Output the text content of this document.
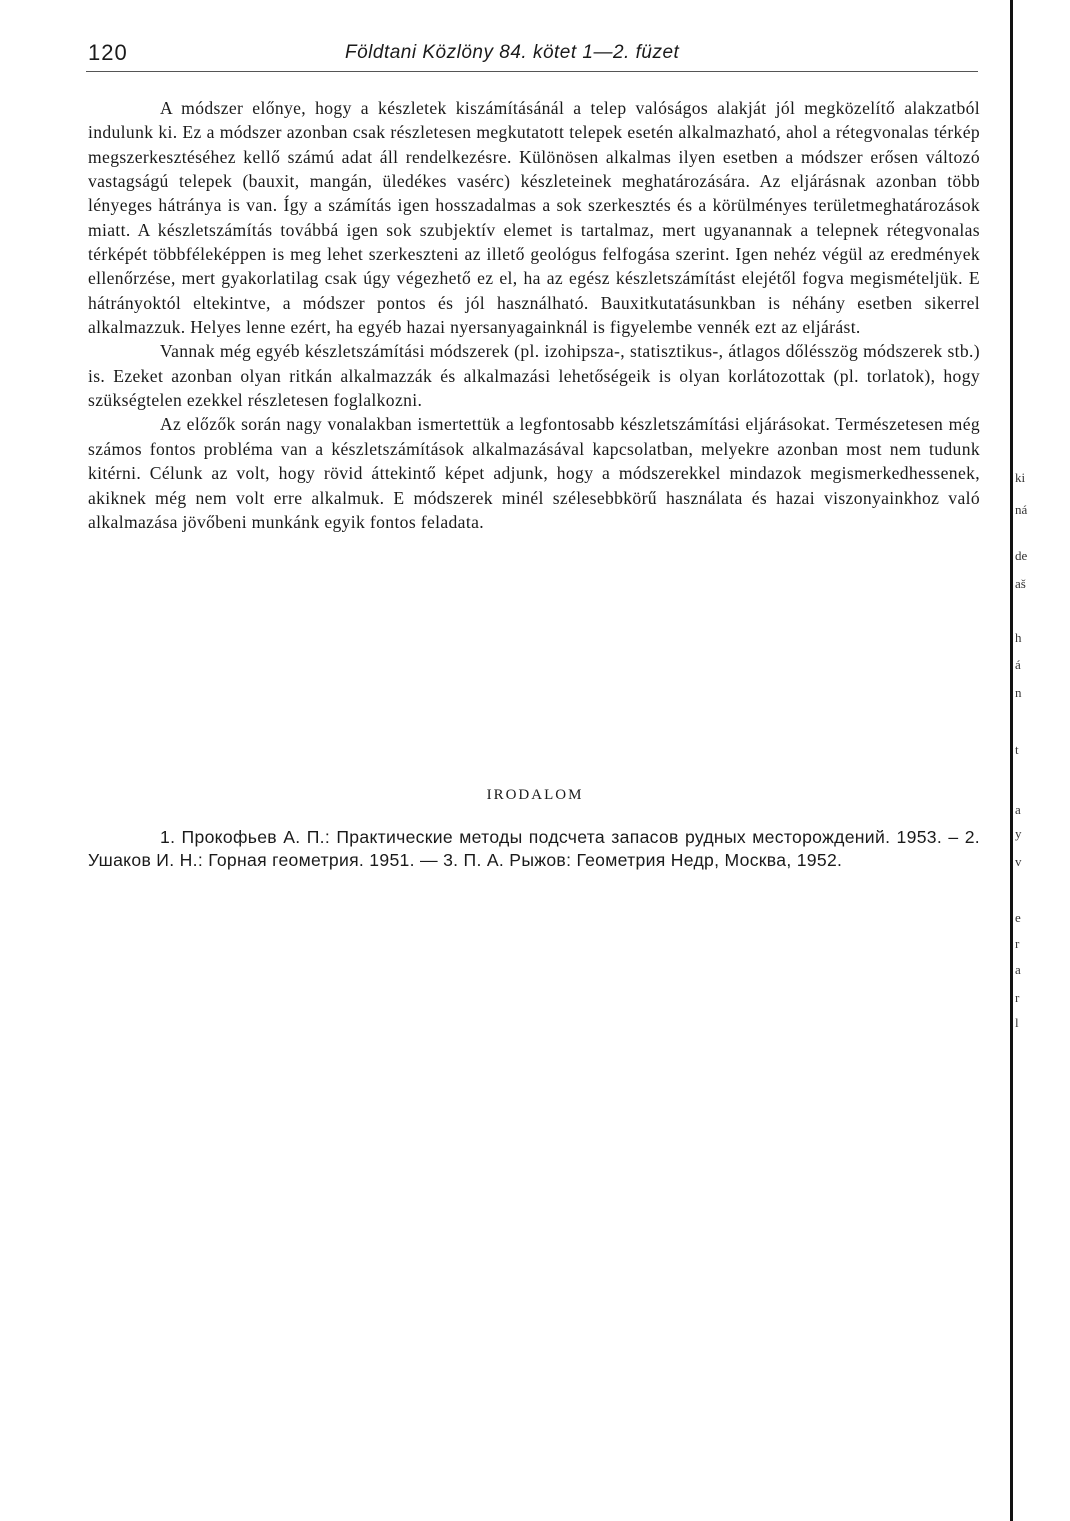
120	Földtani Közlöny 84. kötet 1—2. füzet

A módszer előnye, hogy a készletek kiszámításánál a telep valóságos alakját jól megközelítő alakzatból indulunk ki. Ez a módszer azonban csak részletesen megkutatott telepek esetén alkalmazható, ahol a rétegvonalas térkép megszerkesztéséhez kellő számú adat áll rendelkezésre. Különösen alkalmas ilyen esetben a módszer erősen változó vastagságú telepek (bauxit, mangán, üledékes vasérc) készleteinek meghatározására. Az eljárásnak azonban több lényeges hátránya is van. Így a számítás igen hosszadalmas a sok szerkesztés és a körülményes területmeghatározások miatt. A készletszámítás továbbá igen sok szubjektív elemet is tartalmaz, mert ugyanannak a telepnek rétegvonalas térképét többféleképpen is meg lehet szerkeszteni az illető geológus felfogása szerint. Igen nehéz végül az eredmények ellenőrzése, mert gyakorlatilag csak úgy végezhető ez el, ha az egész készletszámítást elejétől fogva megismételjük. E hátrányoktól eltekintve, a módszer pontos és jól használható. Bauxitkutatásunkban is néhány esetben sikerrel alkalmazzuk. Helyes lenne ezért, ha egyéb hazai nyersanyagainknál is figyelembe vennék ezt az eljárást.

Vannak még egyéb készletszámítási módszerek (pl. izohipsza-, statisztikus-, átlagos dőlésszög módszerek stb.) is. Ezeket azonban olyan ritkán alkalmazzák és alkalmazási lehetőségeik is olyan korlátozottak (pl. torlatok), hogy szükségtelen ezekkel részletesen foglalkozni.

Az előzők során nagy vonalakban ismertettük a legfontosabb készletszámítási eljárásokat. Természetesen még számos fontos probléma van a készletszámítások alkalmazásával kapcsolatban, melyekre azonban most nem tudunk kitérni. Célunk az volt, hogy rövid áttekintő képet adjunk, hogy a módszerekkel mindazok megismerkedhessenek, akiknek még nem volt erre alkalmuk. E módszerek minél szélesebbkörű használata és hazai viszonyainkhoz való alkalmazása jövőbeni munkánk egyik fontos feladata.

IRODALOM

1. Прокофьев А. П.: Практические методы подсчета запасов рудных месторождений. 1953. – 2. Ушаков И. Н.: Горная геометрия. 1951. — 3. П. А. Рыжов: Геометрия Недр, Москва, 1952.

ki
ná
de
aš
h
á
n
t
a
y
v
e
r
a
r
l
